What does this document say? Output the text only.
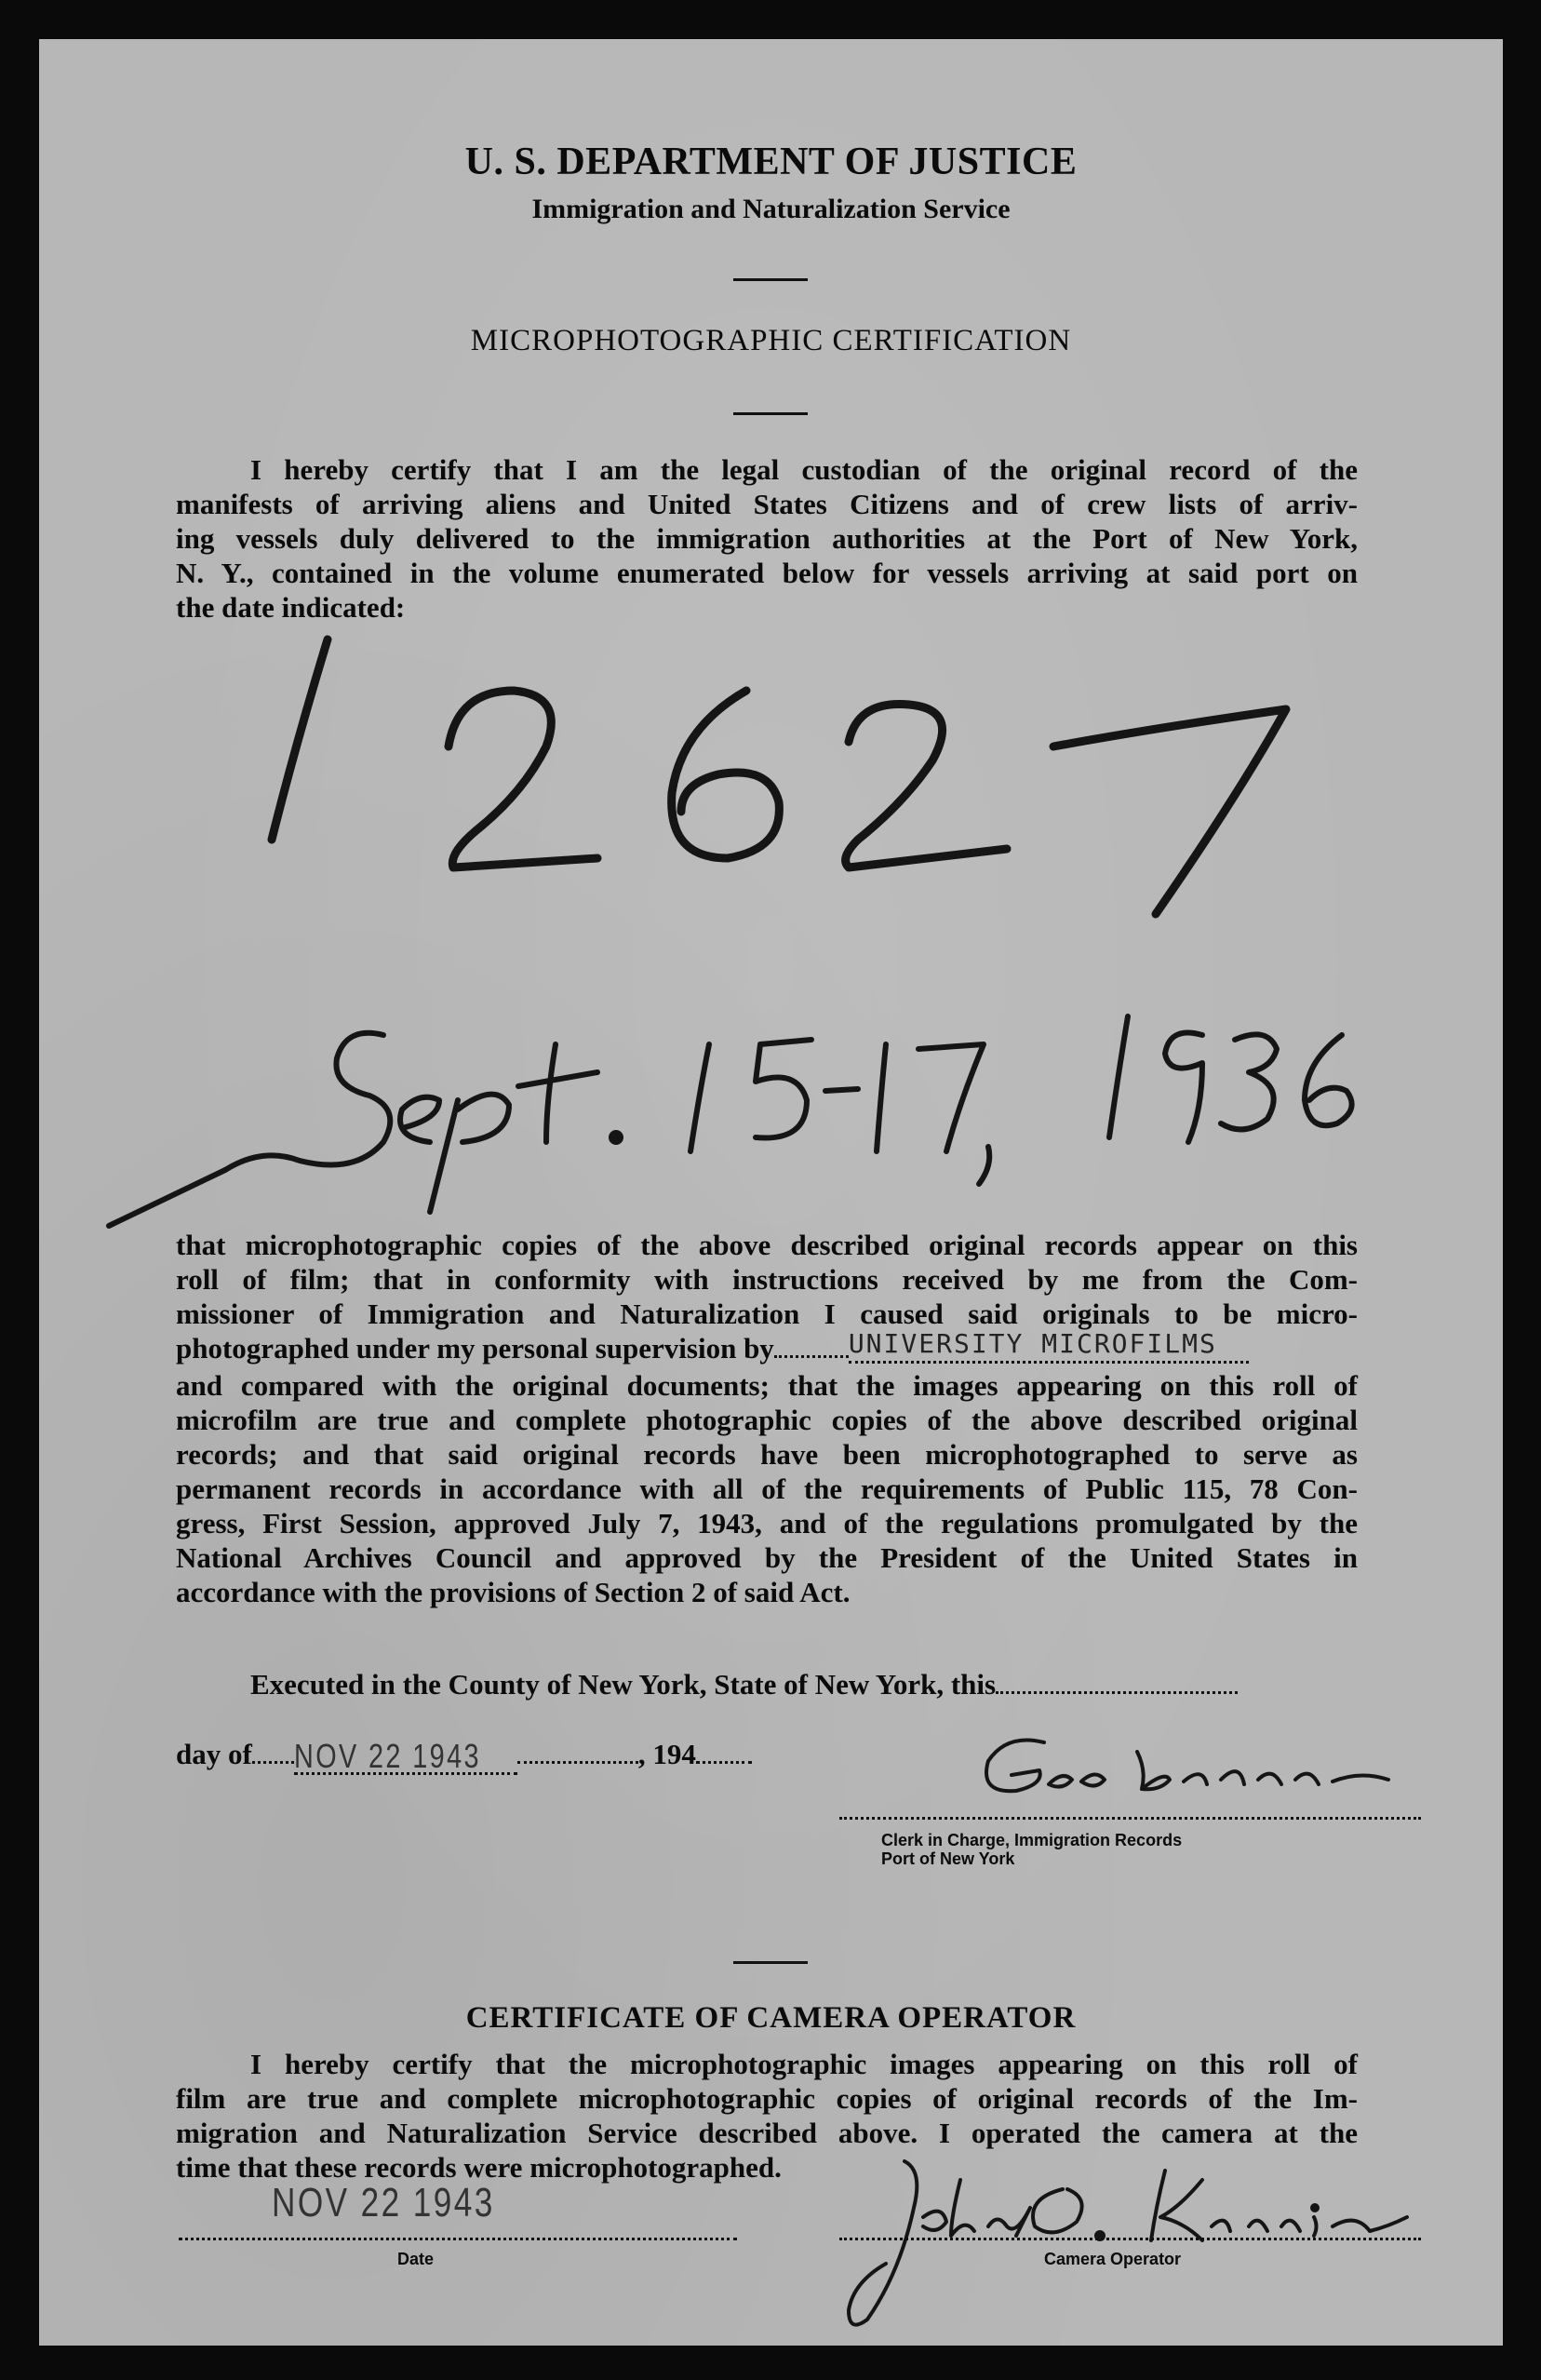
U. S. DEPARTMENT OF JUSTICE
Immigration and Naturalization Service
MICROPHOTOGRAPHIC CERTIFICATION
I hereby certify that I am the legal custodian of the original record of the
manifests of arriving aliens and United States Citizens and of crew lists of arriv-
ing vessels duly delivered to the immigration authorities at the Port of New York,
N. Y., contained in the volume enumerated below for vessels arriving at said port on
the date indicated:
that microphotographic copies of the above described original records appear on this
roll of film; that in conformity with instructions received by me from the Com-
missioner of Immigration and Naturalization I caused said originals to be micro-
photographed under my personal supervision by	UNIVERSITY MICROFILMS
and compared with the original documents; that the images appearing on this roll of
microfilm are true and complete photographic copies of the above described original
records; and that said original records have been microphotographed to serve as
permanent records in accordance with all of the requirements of Public 115, 78 Con-
gress, First Session, approved July 7, 1943, and of the regulations promulgated by the
National Archives Council and approved by the President of the United States in
accordance with the provisions of Section 2 of said Act.
Executed in the County of New York, State of New York, this
day of NOV 22 1943	, 194
Clerk in Charge, Immigration Records
Port of New York
CERTIFICATE OF CAMERA OPERATOR
I hereby certify that the microphotographic images appearing on this roll of
film are true and complete microphotographic copies of original records of the Im-
migration and Naturalization Service described above. I operated the camera at the
time that these records were microphotographed.
NOV 22 1943
Date	Camera Operator
